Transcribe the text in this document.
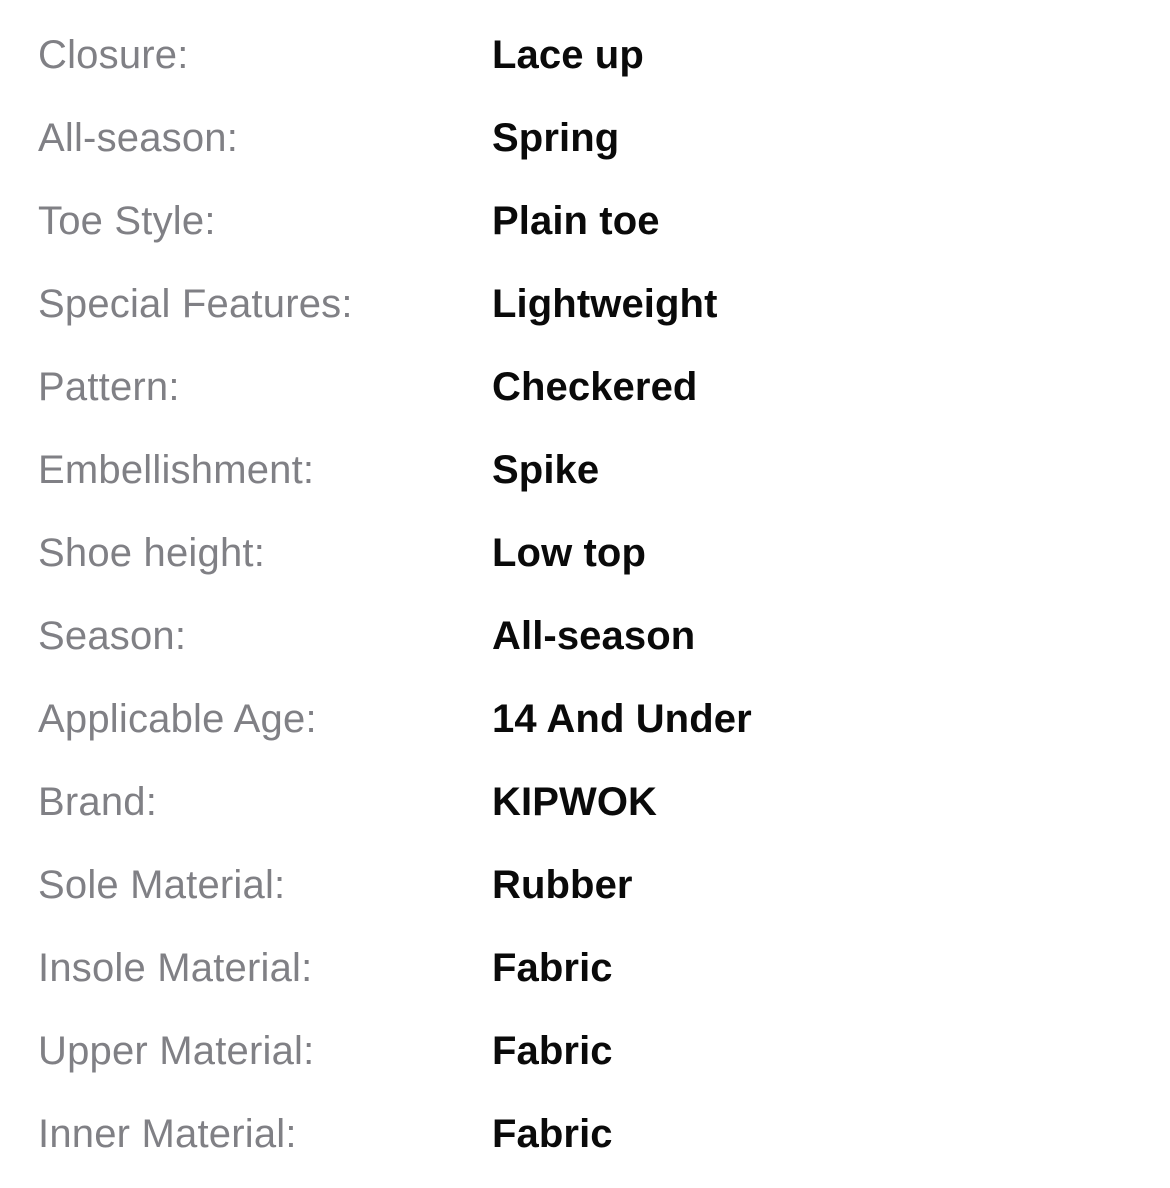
Closure:	Lace up
All-season:	Spring
Toe Style:	Plain toe
Special Features:	Lightweight
Pattern:	Checkered
Embellishment:	Spike
Shoe height:	Low top
Season:	All-season
Applicable Age:	14 And Under
Brand:	KIPWOK
Sole Material:	Rubber
Insole Material:	Fabric
Upper Material:	Fabric
Inner Material:	Fabric
